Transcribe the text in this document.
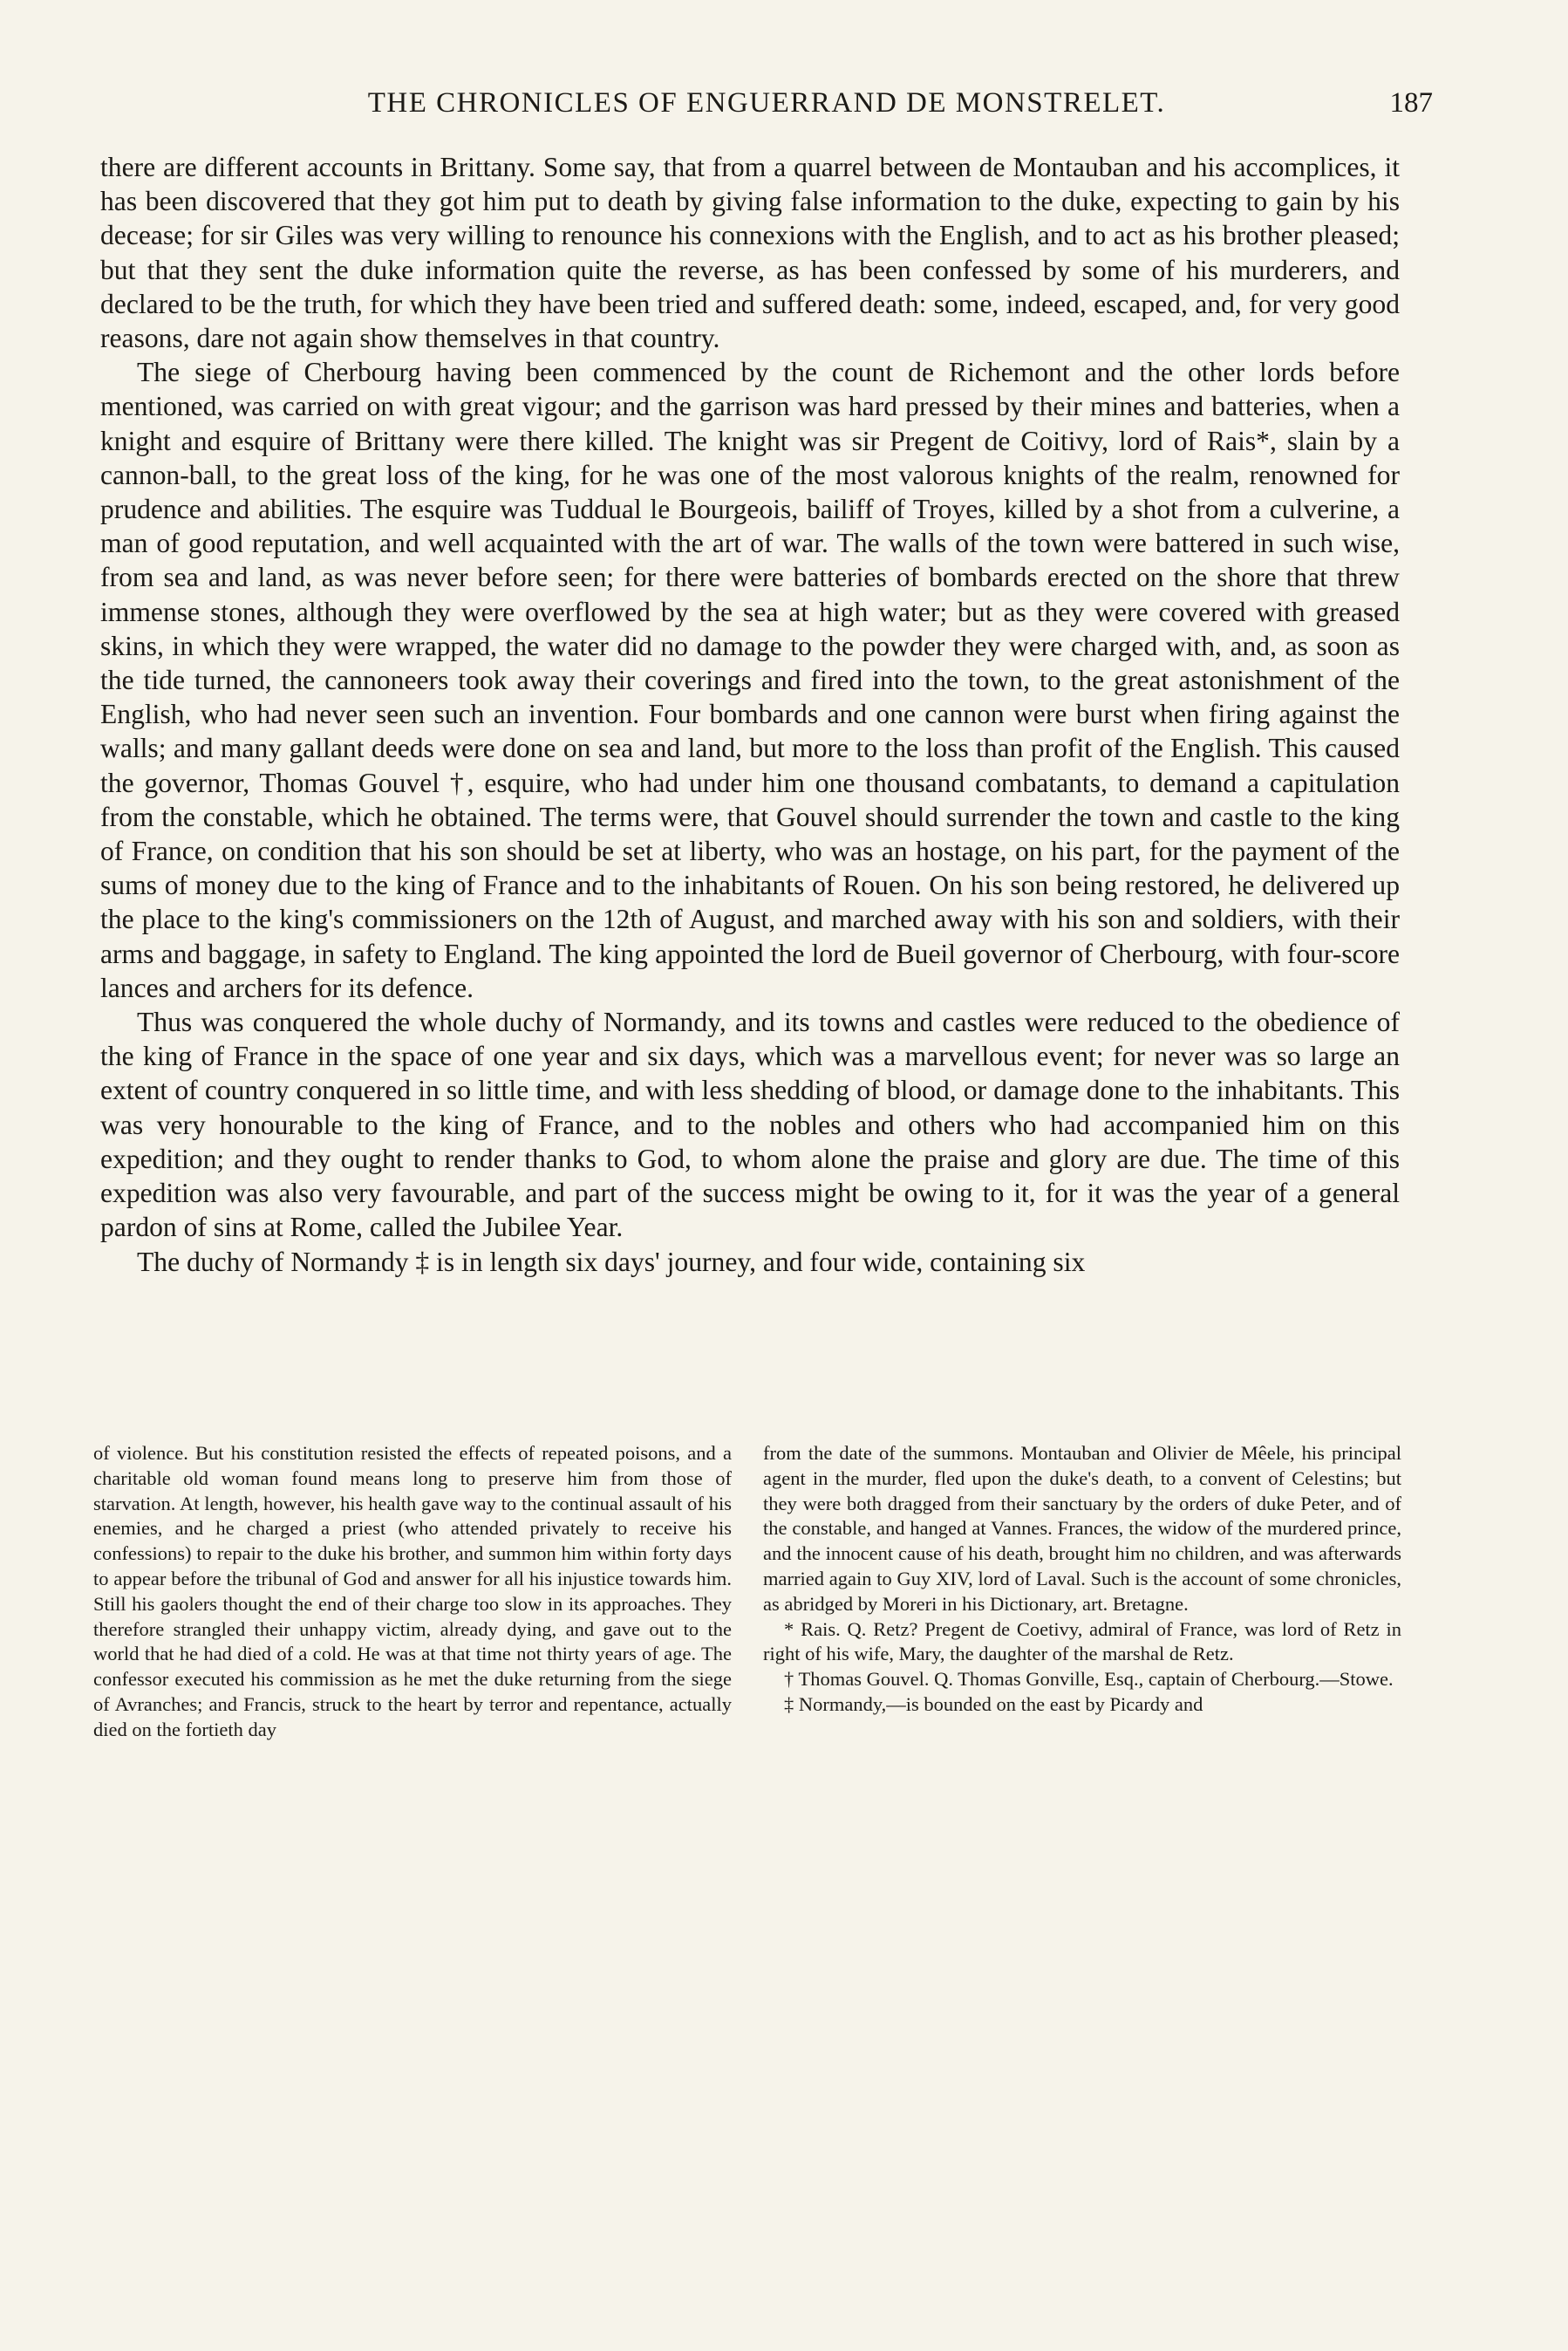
THE CHRONICLES OF ENGUERRAND DE MONSTRELET.	187

there are different accounts in Brittany. Some say, that from a quarrel between de Montauban and his accomplices, it has been discovered that they got him put to death by giving false information to the duke, expecting to gain by his decease; for sir Giles was very willing to renounce his connexions with the English, and to act as his brother pleased; but that they sent the duke information quite the reverse, as has been confessed by some of his murderers, and declared to be the truth, for which they have been tried and suffered death: some, indeed, escaped, and, for very good reasons, dare not again show themselves in that country.

The siege of Cherbourg having been commenced by the count de Richemont and the other lords before mentioned, was carried on with great vigour; and the garrison was hard pressed by their mines and batteries, when a knight and esquire of Brittany were there killed. The knight was sir Pregent de Coitivy, lord of Rais*, slain by a cannon-ball, to the great loss of the king, for he was one of the most valorous knights of the realm, renowned for prudence and abilities. The esquire was Tuddual le Bourgeois, bailiff of Troyes, killed by a shot from a culverine, a man of good reputation, and well acquainted with the art of war. The walls of the town were battered in such wise, from sea and land, as was never before seen; for there were batteries of bombards erected on the shore that threw immense stones, although they were overflowed by the sea at high water; but as they were covered with greased skins, in which they were wrapped, the water did no damage to the powder they were charged with, and, as soon as the tide turned, the cannoneers took away their coverings and fired into the town, to the great astonishment of the English, who had never seen such an invention. Four bombards and one cannon were burst when firing against the walls; and many gallant deeds were done on sea and land, but more to the loss than profit of the English. This caused the governor, Thomas Gouvel †, esquire, who had under him one thousand combatants, to demand a capitulation from the constable, which he obtained. The terms were, that Gouvel should surrender the town and castle to the king of France, on condition that his son should be set at liberty, who was an hostage, on his part, for the payment of the sums of money due to the king of France and to the inhabitants of Rouen. On his son being restored, he delivered up the place to the king's commissioners on the 12th of August, and marched away with his son and soldiers, with their arms and baggage, in safety to England. The king appointed the lord de Bueil governor of Cherbourg, with four-score lances and archers for its defence.

Thus was conquered the whole duchy of Normandy, and its towns and castles were reduced to the obedience of the king of France in the space of one year and six days, which was a marvellous event; for never was so large an extent of country conquered in so little time, and with less shedding of blood, or damage done to the inhabitants. This was very honourable to the king of France, and to the nobles and others who had accompanied him on this expedition; and they ought to render thanks to God, to whom alone the praise and glory are due. The time of this expedition was also very favourable, and part of the success might be owing to it, for it was the year of a general pardon of sins at Rome, called the Jubilee Year.

The duchy of Normandy ‡ is in length six days' journey, and four wide, containing six

of violence. But his constitution resisted the effects of repeated poisons, and a charitable old woman found means long to preserve him from those of starvation. At length, however, his health gave way to the continual assault of his enemies, and he charged a priest (who attended privately to receive his confessions) to repair to the duke his brother, and summon him within forty days to appear before the tribunal of God and answer for all his injustice towards him. Still his gaolers thought the end of their charge too slow in its approaches. They therefore strangled their unhappy victim, already dying, and gave out to the world that he had died of a cold. He was at that time not thirty years of age. The confessor executed his commission as he met the duke returning from the siege of Avranches; and Francis, struck to the heart by terror and repentance, actually died on the fortieth day

from the date of the summons. Montauban and Olivier de Mêele, his principal agent in the murder, fled upon the duke's death, to a convent of Celestins; but they were both dragged from their sanctuary by the orders of duke Peter, and of the constable, and hanged at Vannes. Frances, the widow of the murdered prince, and the innocent cause of his death, brought him no children, and was afterwards married again to Guy XIV, lord of Laval. Such is the account of some chronicles, as abridged by Moreri in his Dictionary, art. Bretagne.

* Rais. Q. Retz? Pregent de Coetivy, admiral of France, was lord of Retz in right of his wife, Mary, the daughter of the marshal de Retz.

† Thomas Gouvel. Q. Thomas Gonville, Esq., captain of Cherbourg.—Stowe.

‡ Normandy,—is bounded on the east by Picardy and
